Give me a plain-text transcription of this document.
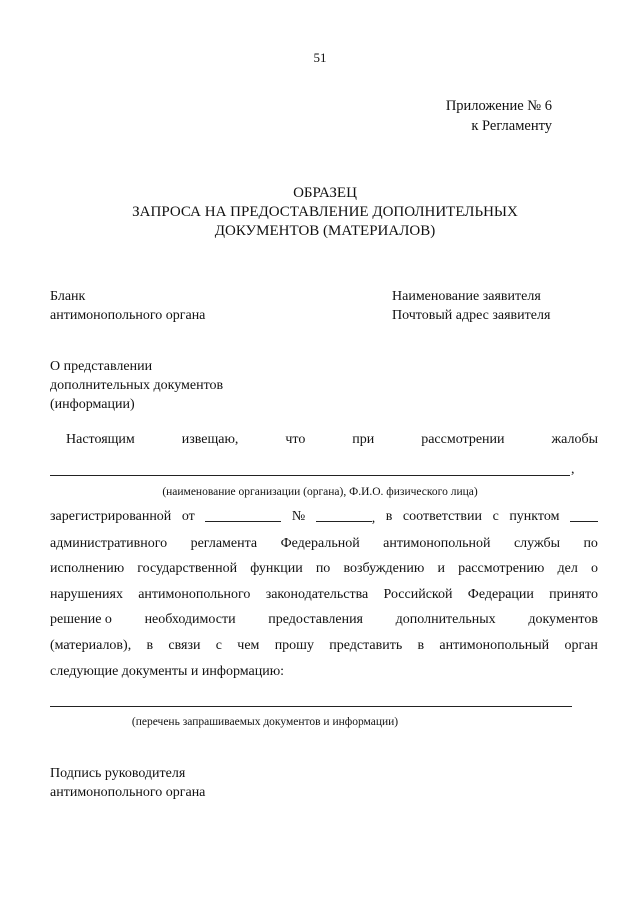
51
Приложение № 6
к Регламенту
ОБРАЗЕЦ
ЗАПРОСА НА ПРЕДОСТАВЛЕНИЕ ДОПОЛНИТЕЛЬНЫХ
ДОКУМЕНТОВ (МАТЕРИАЛОВ)
Бланк
антимонопольного органа
Наименование заявителя
Почтовый адрес заявителя
О представлении
дополнительных документов
(информации)
Настоящим	извещаю,	что	при	рассмотрении	жалобы
,
(наименование организации (органа), Ф.И.О. физического лица)
зарегистрированной от	№	, в соответствии с пунктом
административного регламента Федеральной антимонопольной службы по
исполнению государственной функции по возбуждению и рассмотрению дел о
нарушениях антимонопольного законодательства Российской Федерации принято
решение о необходимости предоставления дополнительных документов
(материалов), в связи с чем прошу представить в антимонопольный орган
следующие документы и информацию:
(перечень запрашиваемых документов и информации)
Подпись руководителя
антимонопольного органа
